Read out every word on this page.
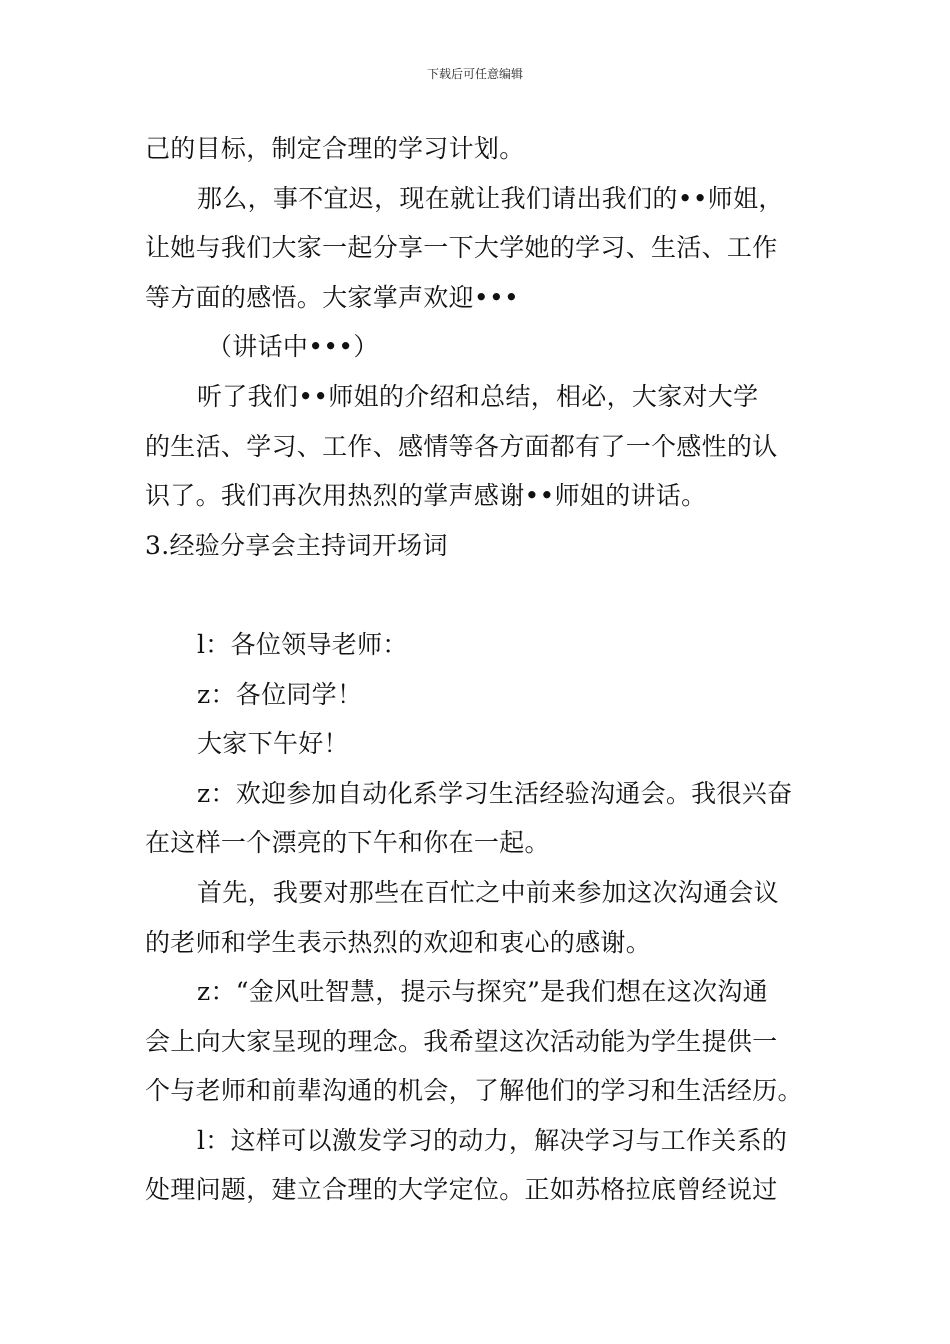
下载后可任意编辑
己的目标，制定合理的学习计划。
那么，事不宜迟，现在就让我们请出我们的••师姐，
让她与我们大家一起分享一下大学她的学习、生活、工作
等方面的感悟。大家掌声欢迎•••
（讲话中•••）
听了我们••师姐的介绍和总结，相必，大家对大学
的生活、学习、工作、感情等各方面都有了一个感性的认
识了。我们再次用热烈的掌声感谢••师姐的讲话。
3.经验分享会主持词开场词
l：各位领导老师：
z：各位同学！
大家下午好！
z：欢迎参加自动化系学习生活经验沟通会。我很兴奋
在这样一个漂亮的下午和你在一起。
首先，我要对那些在百忙之中前来参加这次沟通会议
的老师和学生表示热烈的欢迎和衷心的感谢。
z：“金风吐智慧，提示与探究”是我们想在这次沟通
会上向大家呈现的理念。我希望这次活动能为学生提供一
个与老师和前辈沟通的机会，了解他们的学习和生活经历。
l：这样可以激发学习的动力，解决学习与工作关系的
处理问题，建立合理的大学定位。正如苏格拉底曾经说过
